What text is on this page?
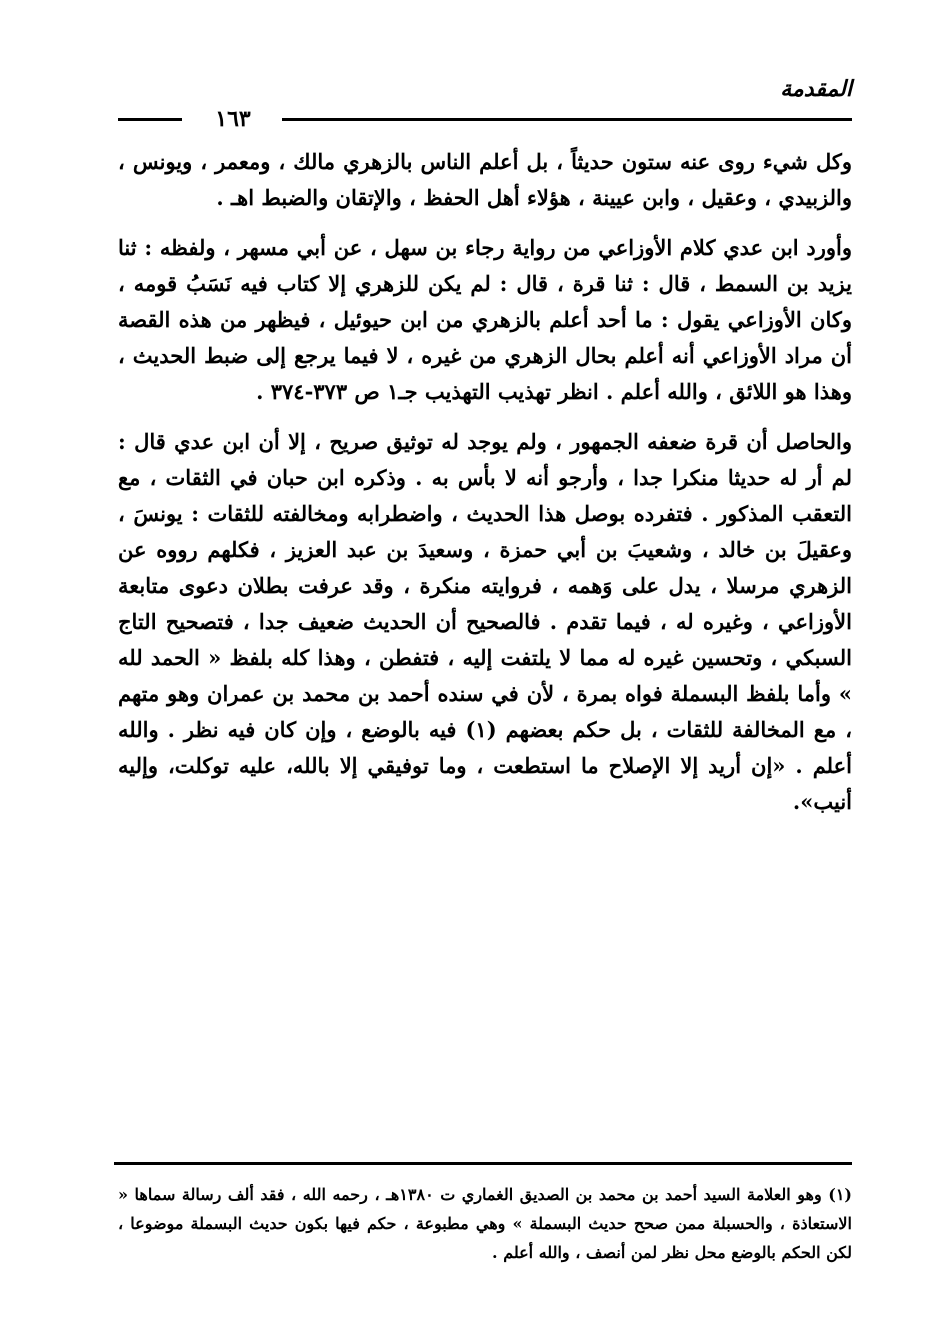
المقدمة
١٦٣

وكل شيء روى عنه ستون حديثاً ، بل أعلم الناس بالزهري مالك ، ومعمر ، ويونس ، والزبيدي ، وعقيل ، وابن عيينة ، هؤلاء أهل الحفظ ، والإتقان والضبط اهـ .

وأورد ابن عدي كلام الأوزاعي من رواية رجاء بن سهل ، عن أبي مسهر ، ولفظه : ثنا يزيد بن السمط ، قال : ثنا قرة ، قال : لم يكن للزهري إلا كتاب فيه نَسَبُ قومه ، وكان الأوزاعي يقول : ما أحد أعلم بالزهري من ابن حيوئيل ، فيظهر من هذه القصة أن مراد الأوزاعي أنه أعلم بحال الزهري من غيره ، لا فيما يرجع إلى ضبط الحديث ، وهذا هو اللائق ، والله أعلم . انظر تهذيب التهذيب جـ١ ص ٣٧٣-٣٧٤ .

والحاصل أن قرة ضعفه الجمهور ، ولم يوجد له توثيق صريح ، إلا أن ابن عدي قال : لم أر له حديثا منكرا جدا ، وأرجو أنه لا بأس به . وذكره ابن حبان في الثقات ، مع التعقب المذكور . فتفرده بوصل هذا الحديث ، واضطرابه ومخالفته للثقات : يونسَ ، وعقيلَ بن خالد ، وشعيبَ بن أبي حمزة ، وسعيدَ بن عبد العزيز ، فكلهم رووه عن الزهري مرسلا ، يدل على وَهمه ، فروايته منكرة ، وقد عرفت بطلان دعوى متابعة الأوزاعي ، وغيره له ، فيما تقدم . فالصحيح أن الحديث ضعيف جدا ، فتصحيح التاج السبكي ، وتحسين غيره له مما لا يلتفت إليه ، فتفطن ، وهذا كله بلفظ « الحمد لله » وأما بلفظ البسملة فواه بمرة ، لأن في سنده أحمد بن محمد بن عمران وهو متهم ، مع المخالفة للثقات ، بل حكم بعضهم (١) فيه بالوضع ، وإن كان فيه نظر . والله أعلم . «إن أريد إلا الإصلاح ما استطعت ، وما توفيقي إلا بالله، عليه توكلت، وإليه أنيب».

(١) وهو العلامة السيد أحمد بن محمد بن الصديق الغماري ت ١٣٨٠هـ ، رحمه الله ، فقد ألف رسالة سماها « الاستعاذة ، والحسبلة ممن صحح حديث البسملة » وهي مطبوعة ، حكم فيها بكون حديث البسملة موضوعا ، لكن الحكم بالوضع محل نظر لمن أنصف ، والله أعلم .
